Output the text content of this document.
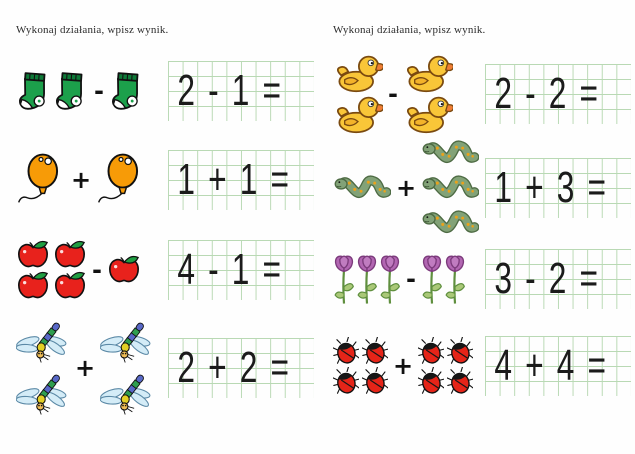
Wykonaj działania, wpisz wynik.

- 2 - 1 =
+ 1 + 1 =
- 4 - 1 =
+ 2 + 2 =

Wykonaj działania, wpisz wynik.

- 2 - 2 =
+ 1 + 3 =
- 3 - 2 =
+ 4 + 4 =
